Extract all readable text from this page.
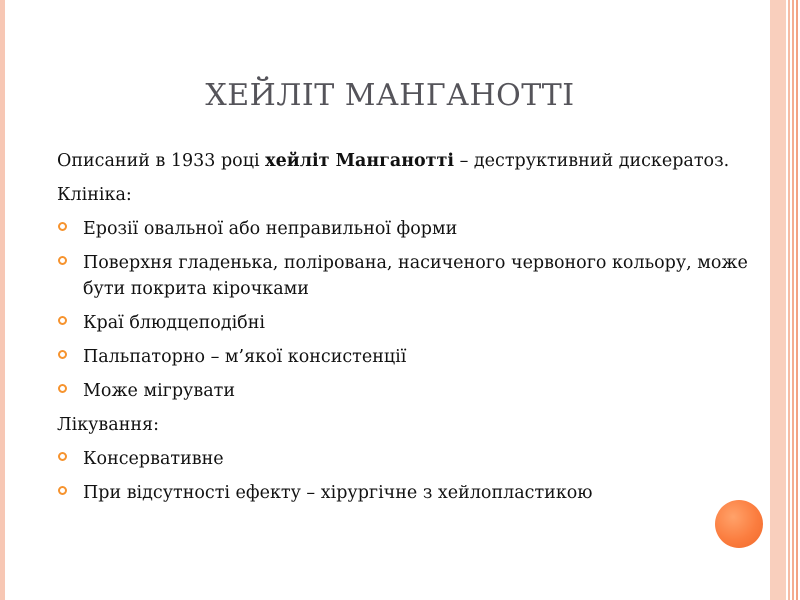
ХЕЙЛІТ МАНГАНОТТІ

Описаний в 1933 році хейліт Манганотті – деструктивний дискератоз.

Клініка:

Ерозії овальної або неправильної форми
Поверхня гладенька, полірована, насиченого червоного кольору, може бути покрита кірочками
Краї блюдцеподібні
Пальпаторно – м’якої консистенції
Може мігрувати

Лікування:

Консервативне
При відсутності ефекту – хірургічне з хейлопластикою
